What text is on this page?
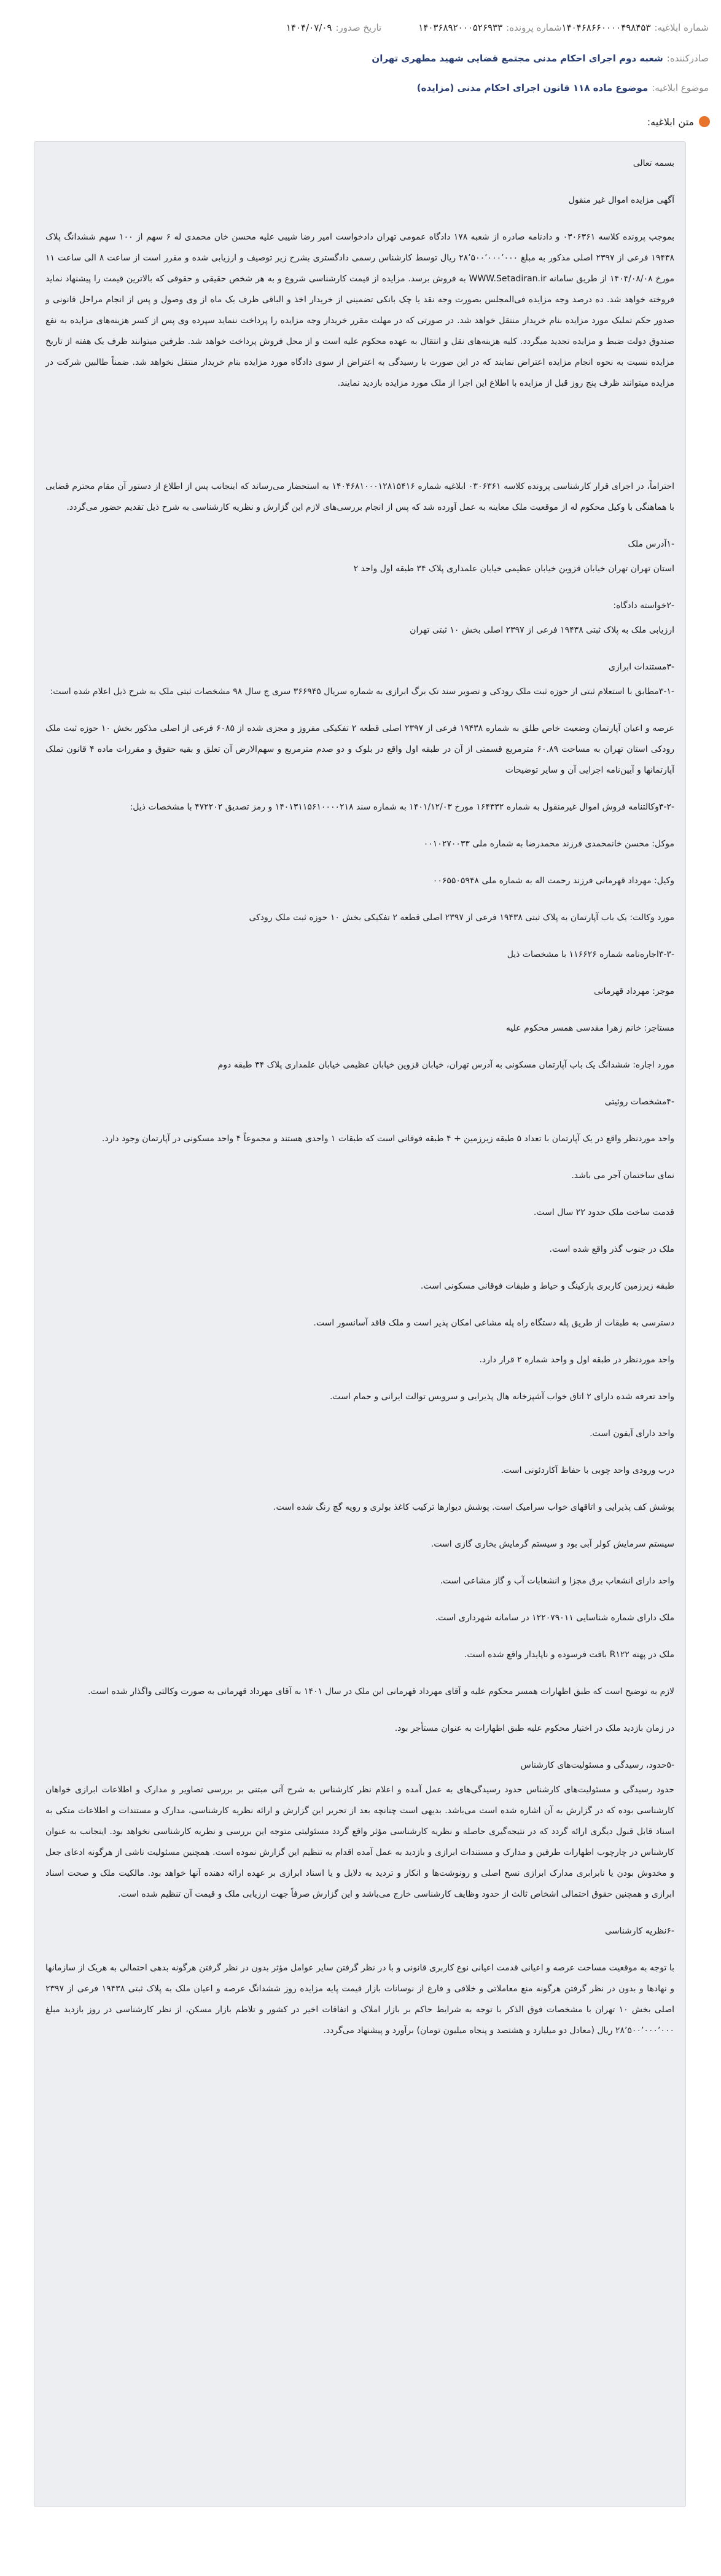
شماره ابلاغیه:
۱۴۰۴۶۸۶۶۰۰۰۰۴۹۸۴۵۳
شماره پرونده:
۱۴۰۳۶۸۹۲۰۰۰۵۲۶۹۳۳
تاریخ صدور:
۱۴۰۴/۰۷/۰۹
صادرکننده:
شعبه دوم اجرای احکام مدنی مجتمع قضایی شهید مطهری تهران
موضوع ابلاغیه:
موضوع ماده ۱۱۸ قانون اجرای احکام مدنی (مزایده)
متن ابلاغیه:

بسمه تعالی

آگهی مزایده اموال غیر منقول

بموجب پرونده کلاسه ۰۳۰۶۳۶۱ و دادنامه صادره از شعبه ۱۷۸ دادگاه عمومی تهران دادخواست امیر رضا شیبی علیه محسن خان محمدی له ۶ سهم از ۱۰۰ سهم ششدانگ پلاک ۱۹۴۳۸ فرعی از ۲۳۹۷ اصلی مذکور به مبلغ ۲۸٬۵۰۰٬۰۰۰٬۰۰۰ ریال توسط کارشناس رسمی دادگستری بشرح زیر توصیف و ارزیابی شده و مقرر است از ساعت ۸ الی ساعت ۱۱ مورخ ۱۴۰۴/۰۸/۰۸ از طریق سامانه WWW.Setadiran.ir به فروش برسد. مزایده از قیمت کارشناسی شروع و به هر شخص حقیقی و حقوقی که بالاترین قیمت را پیشنهاد نماید فروخته خواهد شد. ده درصد وجه مزایده فی‌المجلس بصورت وجه نقد یا چک بانکی تضمینی از خریدار اخذ و الباقی ظرف یک ماه از وی وصول و پس از انجام مراحل قانونی و صدور حکم تملیک مورد مزایده بنام خریدار منتقل خواهد شد. در صورتی که در مهلت مقرر خریدار وجه مزایده را پرداخت ننماید سپرده وی پس از کسر هزینه‌های مزایده به نفع صندوق دولت ضبط و مزایده تجدید میگردد. کلیه هزینه‌های نقل و انتقال به عهده محکوم علیه است و از محل فروش پرداخت خواهد شد. طرفین میتوانند ظرف یک هفته از تاریخ مزایده نسبت به نحوه انجام مزایده اعتراض نمایند که در این صورت با رسیدگی به اعتراض از سوی دادگاه مورد مزایده بنام خریدار منتقل نخواهد شد. ضمناً طالبین شرکت در مزایده میتوانند ظرف پنج روز قبل از مزایده با اطلاع این اجرا از ملک مورد مزایده بازدید نمایند.

احتراماً، در اجرای قرار کارشناسی پرونده کلاسه ۰۳۰۶۳۶۱ ابلاغیه شماره ۱۴۰۴۶۸۱۰۰۰۱۲۸۱۵۴۱۶ به استحضار می‌رساند که اینجانب پس از اطلاع از دستور آن مقام محترم قضایی با هماهنگی با وکیل محکوم له از موقعیت ملک معاینه به عمل آورده شد که پس از انجام بررسی‌های لازم این گزارش و نظریه کارشناسی به شرح ذیل تقدیم حضور می‌گردد.

-۱آدرس ملک

استان تهران تهران خیابان قزوین خیابان عظیمی خیابان علمداری پلاک ۳۴ طبقه اول واحد ۲

-۲خواسته دادگاه:

ارزیابی ملک به پلاک ثبتی ۱۹۴۳۸ فرعی از ۲۳۹۷ اصلی بخش ۱۰ ثبتی تهران

-۳مستندات ابرازی

-۳-۱مطابق با استعلام ثبتی از حوزه ثبت ملک رودکی و تصویر سند تک برگ ابرازی به شماره سریال ۳۶۶۹۴۵ سری ج سال ۹۸ مشخصات ثبتی ملک به شرح ذیل اعلام شده است:

عرصه و اعیان آپارتمان وضعیت خاص طلق به شماره ۱۹۴۳۸ فرعی از ۲۳۹۷ اصلی قطعه ۲ تفکیکی مفروز و مجزی شده از ۶۰۸۵ فرعی از اصلی مذکور بخش ۱۰ حوزه ثبت ملک رودکی استان تهران به مساحت ۶۰.۸۹ مترمربع قسمتی از آن در طبقه اول واقع در بلوک و دو صدم مترمربع و سهم‌الارض آن تعلق و بقیه حقوق و مقررات ماده ۴ قانون تملک آپارتمانها و آیین‌نامه اجرایی آن و سایر توضیحات

-۳-۲وکالتنامه فروش اموال غیرمنقول به شماره ۱۶۴۳۳۲ مورخ ۱۴۰۱/۱۲/۰۳ به شماره سند ۱۴۰۱۳۱۱۵۶۱۰۰۰۰۲۱۸ و رمز تصدیق ۴۷۲۲۰۲ با مشخصات ذیل:

موکل: محسن خانمحمدی فرزند محمدرضا به شماره ملی ۰۰۱۰۲۷۰۰۳۳

وکیل: مهرداد قهرمانی فرزند رحمت اله به شماره ملی ۰۰۶۵۵۰۵۹۴۸

مورد وکالت: یک باب آپارتمان به پلاک ثبتی ۱۹۴۳۸ فرعی از ۲۳۹۷ اصلی قطعه ۲ تفکیکی بخش ۱۰ حوزه ثبت ملک رودکی

-۳-۳اجاره‌نامه شماره ۱۱۶۶۲۶ با مشخصات ذیل

موجر: مهرداد قهرمانی

مستاجر: خانم زهرا مقدسی همسر محکوم علیه

مورد اجاره: ششدانگ یک باب آپارتمان مسکونی به آدرس تهران، خیابان قزوین خیابان عظیمی خیابان علمداری پلاک ۳۴ طبقه دوم

-۴مشخصات روئیتی

واحد موردنظر واقع در یک آپارتمان با تعداد ۵ طبقه زیرزمین + ۴ طبقه فوقانی است که طبقات ۱ واحدی هستند و مجموعاً ۴ واحد مسکونی در آپارتمان وجود دارد.

نمای ساختمان آجر می باشد.

قدمت ساخت ملک حدود ۲۲ سال است.

ملک در جنوب گذر واقع شده است.

طبقه زیرزمین کاربری پارکینگ و حیاط و طبقات فوقانی مسکونی است.

دسترسی به طبقات از طریق پله دستگاه راه پله مشاعی امکان پذیر است و ملک فاقد آسانسور است.

واحد موردنظر در طبقه اول و واحد شماره ۲ قرار دارد.

واحد تعرفه شده دارای ۲ اتاق خواب آشپزخانه هال پذیرایی و سرویس توالت ایرانی و حمام است.

واحد دارای آیفون است.

درب ورودی واحد چوبی با حفاظ آکاردئونی است.

پوشش کف پذیرایی و اتاقهای خواب سرامیک است. پوشش دیوارها ترکیب کاغذ بولری و رویه گچ رنگ شده است.

سیستم سرمایش کولر آبی بود و سیستم گرمایش بخاری گازی است.

واحد دارای انشعاب برق مجزا و انشعابات آب و گاز مشاعی است.

ملک دارای شماره شناسایی ۱۲۲۰۷۹۰۱۱ در سامانه شهرداری است.

ملک در پهنه R۱۲۲ بافت فرسوده و ناپایدار واقع شده است.

لازم به توضیح است که طبق اظهارات همسر محکوم علیه و آقای مهرداد قهرمانی این ملک در سال ۱۴۰۱ به آقای مهرداد قهرمانی به صورت وکالتی واگذار شده است.

در زمان بازدید ملک در اختیار محکوم علیه طبق اظهارات به عنوان مستأجر بود.

-۵حدود، رسیدگی و مسئولیت‌های کارشناس

حدود رسیدگی و مسئولیت‌های کارشناس حدود رسیدگی‌های به عمل آمده و اعلام نظر کارشناس به شرح آتی مبتنی بر بررسی تصاویر و مدارک و اطلاعات ابرازی خواهان کارشناسی بوده که در گزارش به آن اشاره شده است می‌باشد. بدیهی است چنانچه بعد از تحریر این گزارش و ارائه نظریه کارشناسی، مدارک و مستندات و اطلاعات متکی به اسناد قابل قبول دیگری ارائه گردد که در نتیجه‌گیری حاصله و نظریه کارشناسی مؤثر واقع گردد مسئولیتی متوجه این بررسی و نظریه کارشناسی نخواهد بود. اینجانب به عنوان کارشناس در چارچوب اظهارات طرفین و مدارک و مستندات ابرازی و بازدید به عمل آمده اقدام به تنظیم این گزارش نموده است. همچنین مسئولیت ناشی از هرگونه ادعای جعل و مخدوش بودن یا نابرابری مدارک ابرازی نسخ اصلی و رونوشت‌ها و انکار و تردید به دلایل و یا اسناد ابرازی بر عهده ارائه دهنده آنها خواهد بود. مالکیت ملک و صحت اسناد ابرازی و همچنین حقوق احتمالی اشخاص ثالث از حدود وظایف کارشناسی خارج می‌باشد و این گزارش صرفاً جهت ارزیابی ملک و قیمت آن تنظیم شده است.

-۶نظریه کارشناسی

با توجه به موقعیت مساحت عرصه و اعیانی قدمت اعیانی نوع کاربری قانونی و با در نظر گرفتن سایر عوامل مؤثر بدون در نظر گرفتن هرگونه بدهی احتمالی به هریک از سازمانها و نهادها و بدون در نظر گرفتن هرگونه منع معاملاتی و خلافی و فارغ از نوسانات بازار قیمت پایه مزایده روز ششدانگ عرصه و اعیان ملک به پلاک ثبتی ۱۹۴۳۸ فرعی از ۲۳۹۷ اصلی بخش ۱۰ تهران با مشخصات فوق الذکر با توجه به شرایط حاکم بر بازار املاک و اتفاقات اخیر در کشور و تلاطم بازار مسکن، از نظر کارشناسی در روز بازدید مبلغ ۲۸٬۵۰۰٬۰۰۰٬۰۰۰ ریال (معادل دو میلیارد و هشتصد و پنجاه میلیون تومان) برآورد و پیشنهاد می‌گردد.
